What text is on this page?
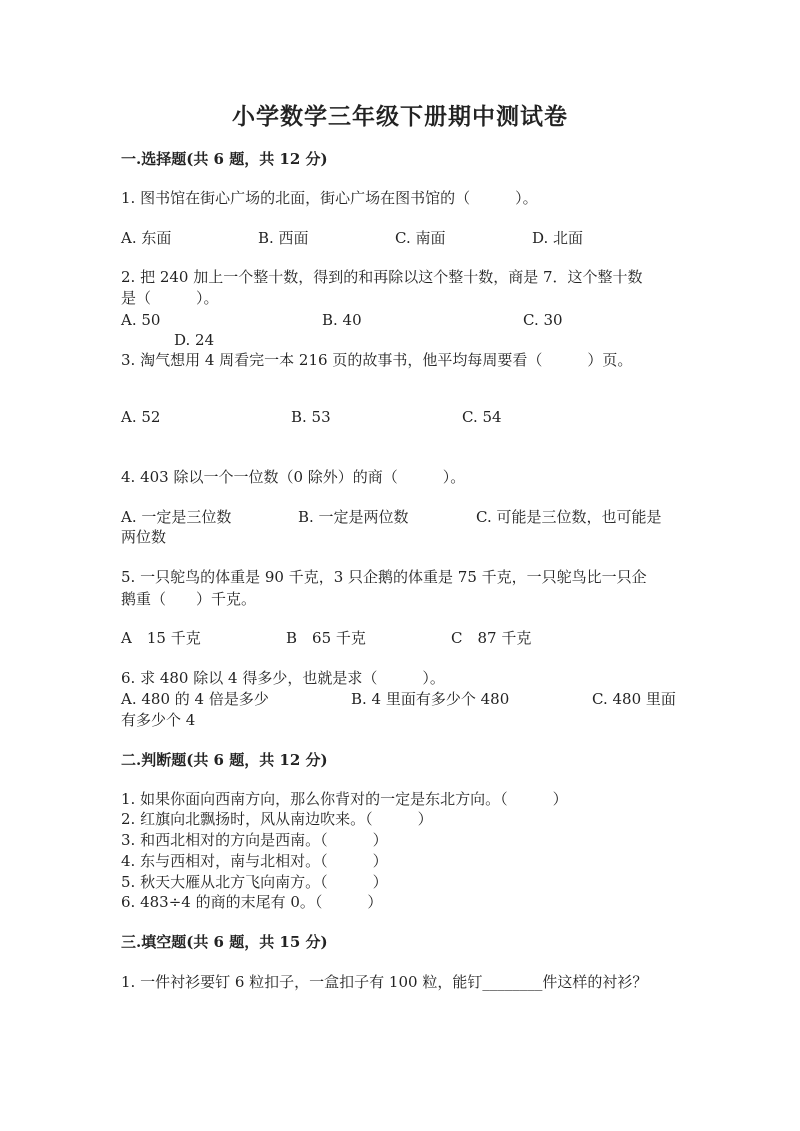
小学数学三年级下册期中测试卷
一.选择题(共 6 题，共 12 分)
1. 图书馆在街心广场的北面，街心广场在图书馆的（　　　）。
A. 东面	B. 西面	C. 南面	D. 北面
2. 把 240 加上一个整十数，得到的和再除以这个整十数，商是 7．这个整十数
是（　　　）。
A. 50	B. 40	C. 30
D. 24
3. 淘气想用 4 周看完一本 216 页的故事书，他平均每周要看（　　　）页。
A. 52	B. 53	C. 54
4. 403 除以一个一位数（0 除外）的商（　　　）。
A. 一定是三位数	B. 一定是两位数	C. 可能是三位数，也可能是
两位数
5. 一只鸵鸟的体重是 90 千克，3 只企鹅的体重是 75 千克，一只鸵鸟比一只企
鹅重（　　）千克。
A　15 千克	B　65 千克	C　87 千克
6. 求 480 除以 4 得多少，也就是求（　　　）。
A. 480 的 4 倍是多少	B. 4 里面有多少个 480	C. 480 里面
有多少个 4
二.判断题(共 6 题，共 12 分)
1. 如果你面向西南方向，那么你背对的一定是东北方向。（　　　）
2. 红旗向北飘扬时，风从南边吹来。（　　　）
3. 和西北相对的方向是西南。（　　　）
4. 东与西相对，南与北相对。（　　　）
5. 秋天大雁从北方飞向南方。（　　　）
6. 483÷4 的商的末尾有 0。（　　　）
三.填空题(共 6 题，共 15 分)
1. 一件衬衫要钉 6 粒扣子，一盒扣子有 100 粒，能钉________件这样的衬衫？
